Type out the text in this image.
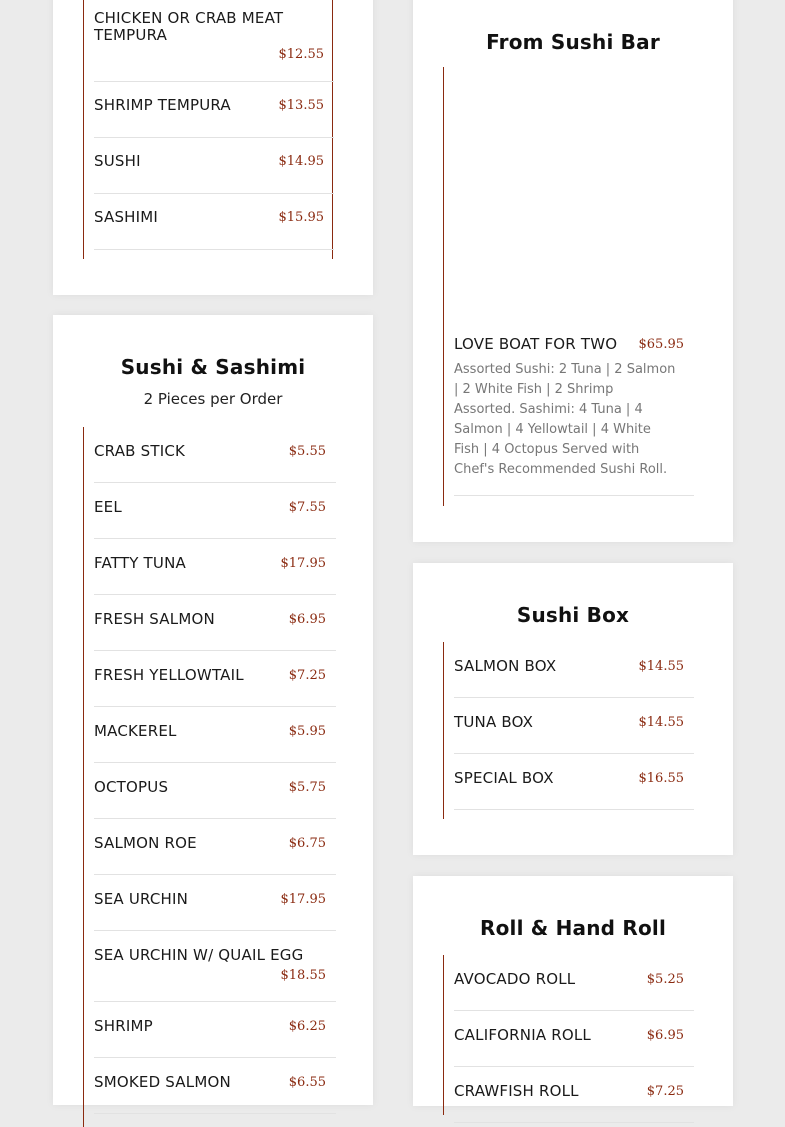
CHICKEN OR CRAB MEAT TEMPURA
$12.55
SHRIMP TEMPURA	$13.55
SUSHI	$14.95
SASHIMI	$15.95
Sushi & Sashimi
2 Pieces per Order
CRAB STICK	$5.55
EEL	$7.55
FATTY TUNA	$17.95
FRESH SALMON	$6.95
FRESH YELLOWTAIL	$7.25
MACKEREL	$5.95
OCTOPUS	$5.75
SALMON ROE	$6.75
SEA URCHIN	$17.95
SEA URCHIN W/ QUAIL EGG
$18.55
SHRIMP	$6.25
SMOKED SALMON	$6.55
From Sushi Bar
LOVE BOAT FOR TWO $65.95
Assorted Sushi: 2 Tuna | 2 Salmon | 2 White Fish | 2 Shrimp Assorted. Sashimi: 4 Tuna | 4 Salmon | 4 Yellowtail | 4 White Fish | 4 Octopus Served with Chef's Recommended Sushi Roll.
Sushi Box
SALMON BOX	$14.55
TUNA BOX	$14.55
SPECIAL BOX	$16.55
Roll & Hand Roll
AVOCADO ROLL	$5.25
CALIFORNIA ROLL	$6.95
CRAWFISH ROLL	$7.25
